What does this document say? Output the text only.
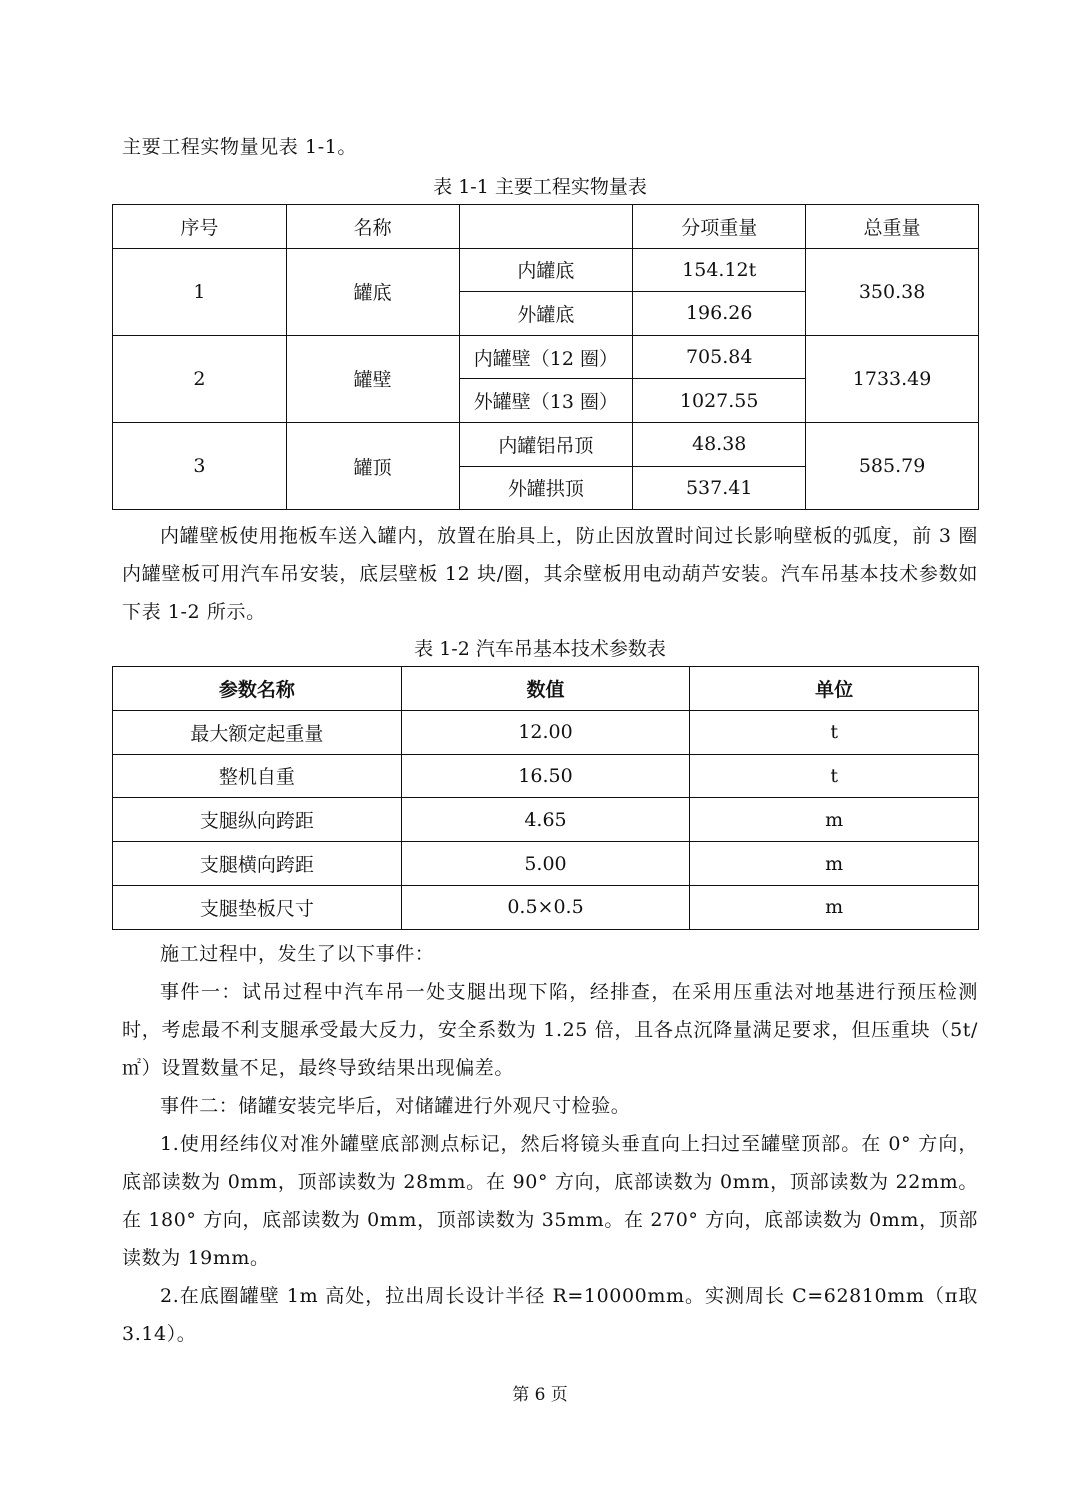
主要工程实物量见表 1-1。

表 1-1 主要工程实物量表

序号	名称		分项重量	总重量
1	罐底	内罐底	154.12t	350.38
		外罐底	196.26	
2	罐壁	内罐壁（12 圈）	705.84	1733.49
		外罐壁（13 圈）	1027.55	
3	罐顶	内罐铝吊顶	48.38	585.79
		外罐拱顶	537.41	

内罐壁板使用拖板车送入罐内，放置在胎具上，防止因放置时间过长影响壁板的弧度，前 3 圈内罐壁板可用汽车吊安装，底层壁板 12 块/圈，其余壁板用电动葫芦安装。汽车吊基本技术参数如下表 1-2 所示。

表 1-2 汽车吊基本技术参数表

参数名称	数值	单位
最大额定起重量	12.00	t
整机自重	16.50	t
支腿纵向跨距	4.65	m
支腿横向跨距	5.00	m
支腿垫板尺寸	0.5×0.5	m

施工过程中，发生了以下事件：

事件一：试吊过程中汽车吊一处支腿出现下陷，经排查，在采用压重法对地基进行预压检测时，考虑最不利支腿承受最大反力，安全系数为 1.25 倍，且各点沉降量满足要求，但压重块（5t/㎡）设置数量不足，最终导致结果出现偏差。

事件二：储罐安装完毕后，对储罐进行外观尺寸检验。

1.使用经纬仪对准外罐壁底部测点标记，然后将镜头垂直向上扫过至罐壁顶部。在 0° 方向，底部读数为 0mm，顶部读数为 28mm。在 90° 方向，底部读数为 0mm，顶部读数为 22mm。在 180° 方向，底部读数为 0mm，顶部读数为 35mm。在 270° 方向，底部读数为 0mm，顶部读数为 19mm。

2.在底圈罐壁 1m 高处，拉出周长设计半径 R=10000mm。实测周长 C=62810mm（π取 3.14）。

第 6 页
